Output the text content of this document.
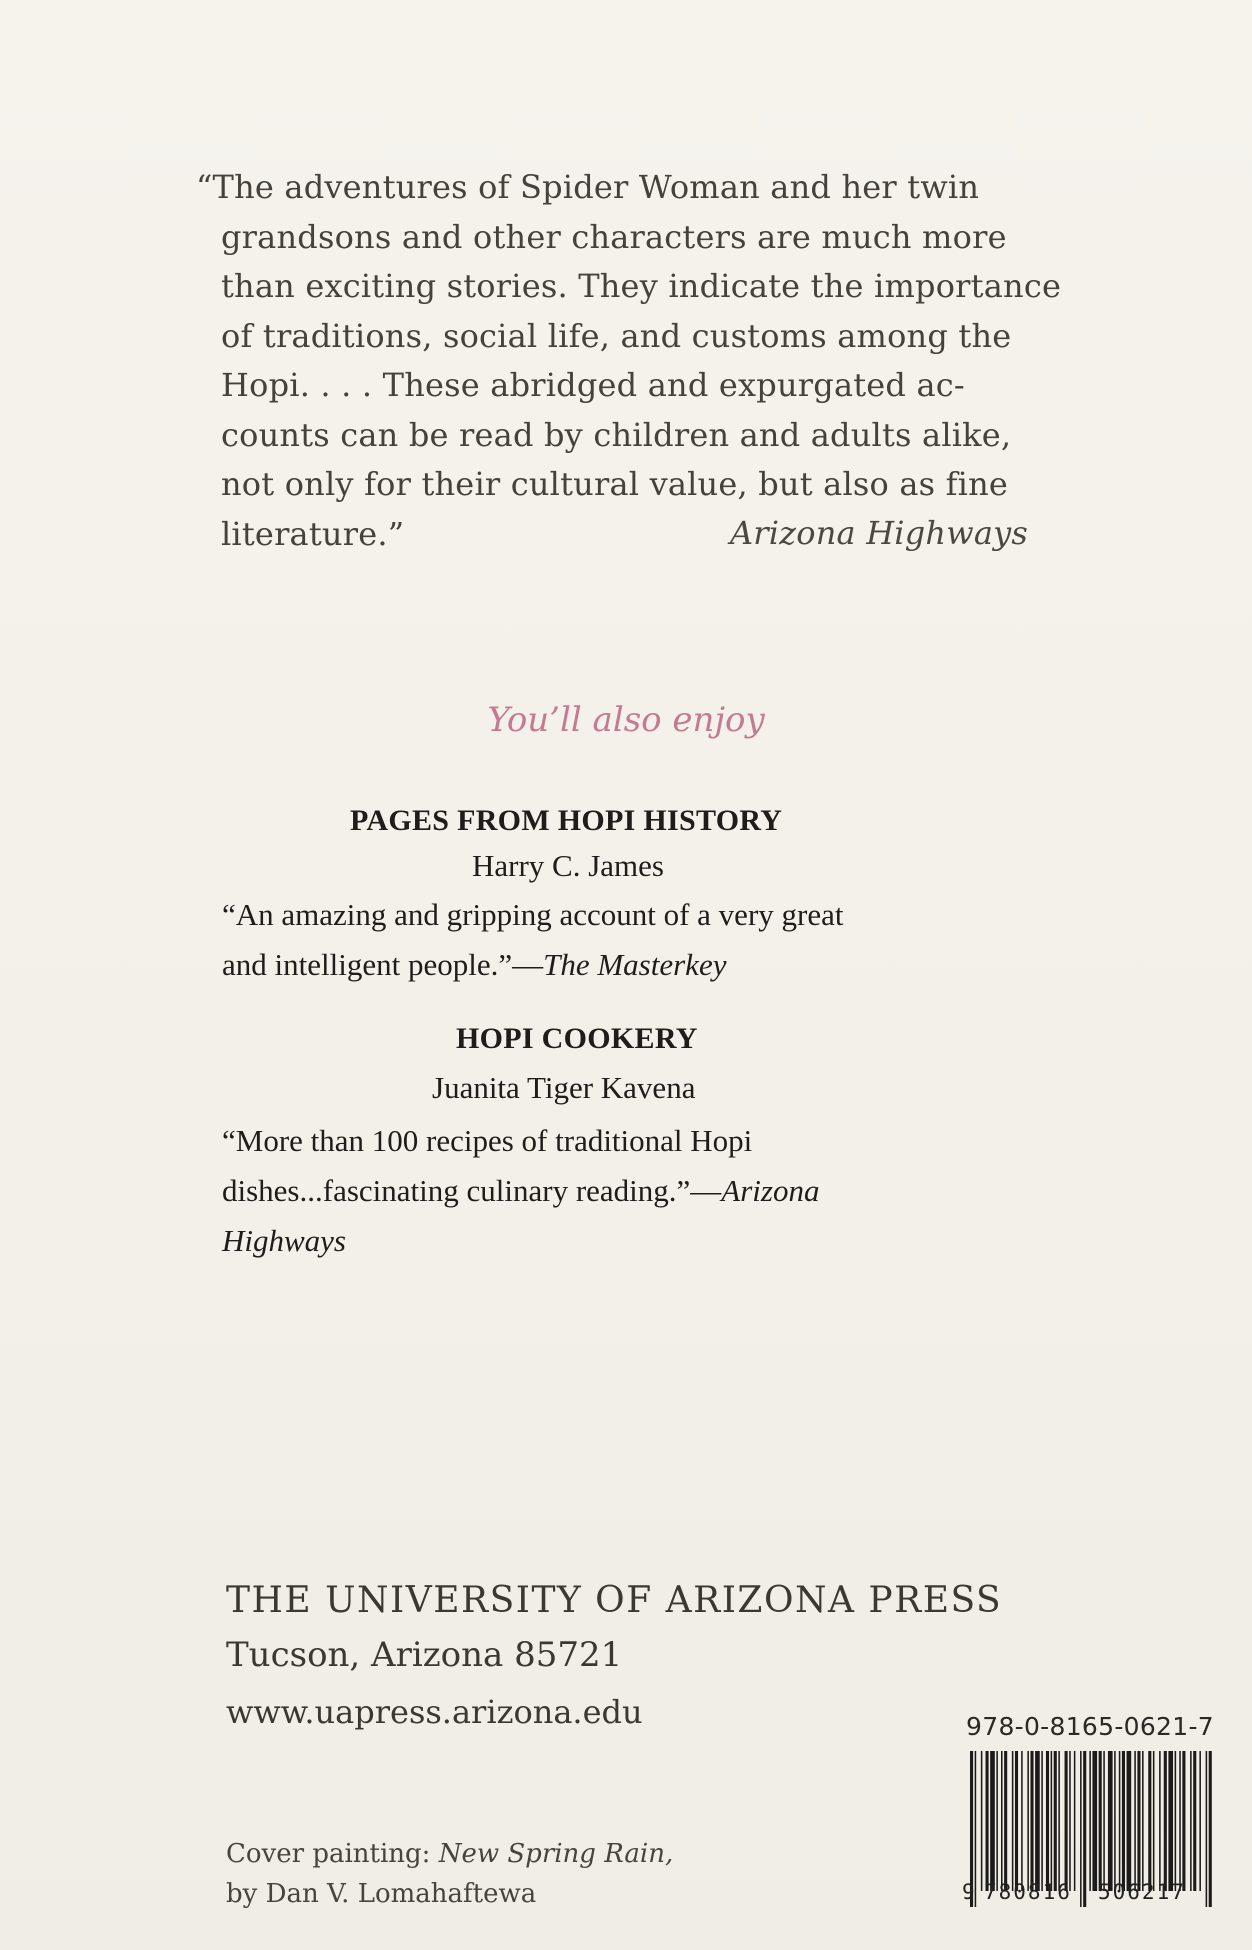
“The adventures of Spider Woman and her twin
grandsons and other characters are much more
than exciting stories. They indicate the importance
of traditions, social life, and customs among the
Hopi. . . . These abridged and expurgated ac-
counts can be read by children and adults alike,
not only for their cultural value, but also as fine
literature.”	Arizona Highways
You’ll also enjoy
PAGES FROM HOPI HISTORY
Harry C. James
“An amazing and gripping account of a very great
and intelligent people.”—The Masterkey
HOPI COOKERY
Juanita Tiger Kavena
“More than 100 recipes of traditional Hopi
dishes...fascinating culinary reading.”—Arizona
Highways
THE UNIVERSITY OF ARIZONA PRESS
Tucson, Arizona 85721
www.uapress.arizona.edu
Cover painting: New Spring Rain,
by Dan V. Lomahaftewa
978-0-8165-0621-7
9 780816 506217
